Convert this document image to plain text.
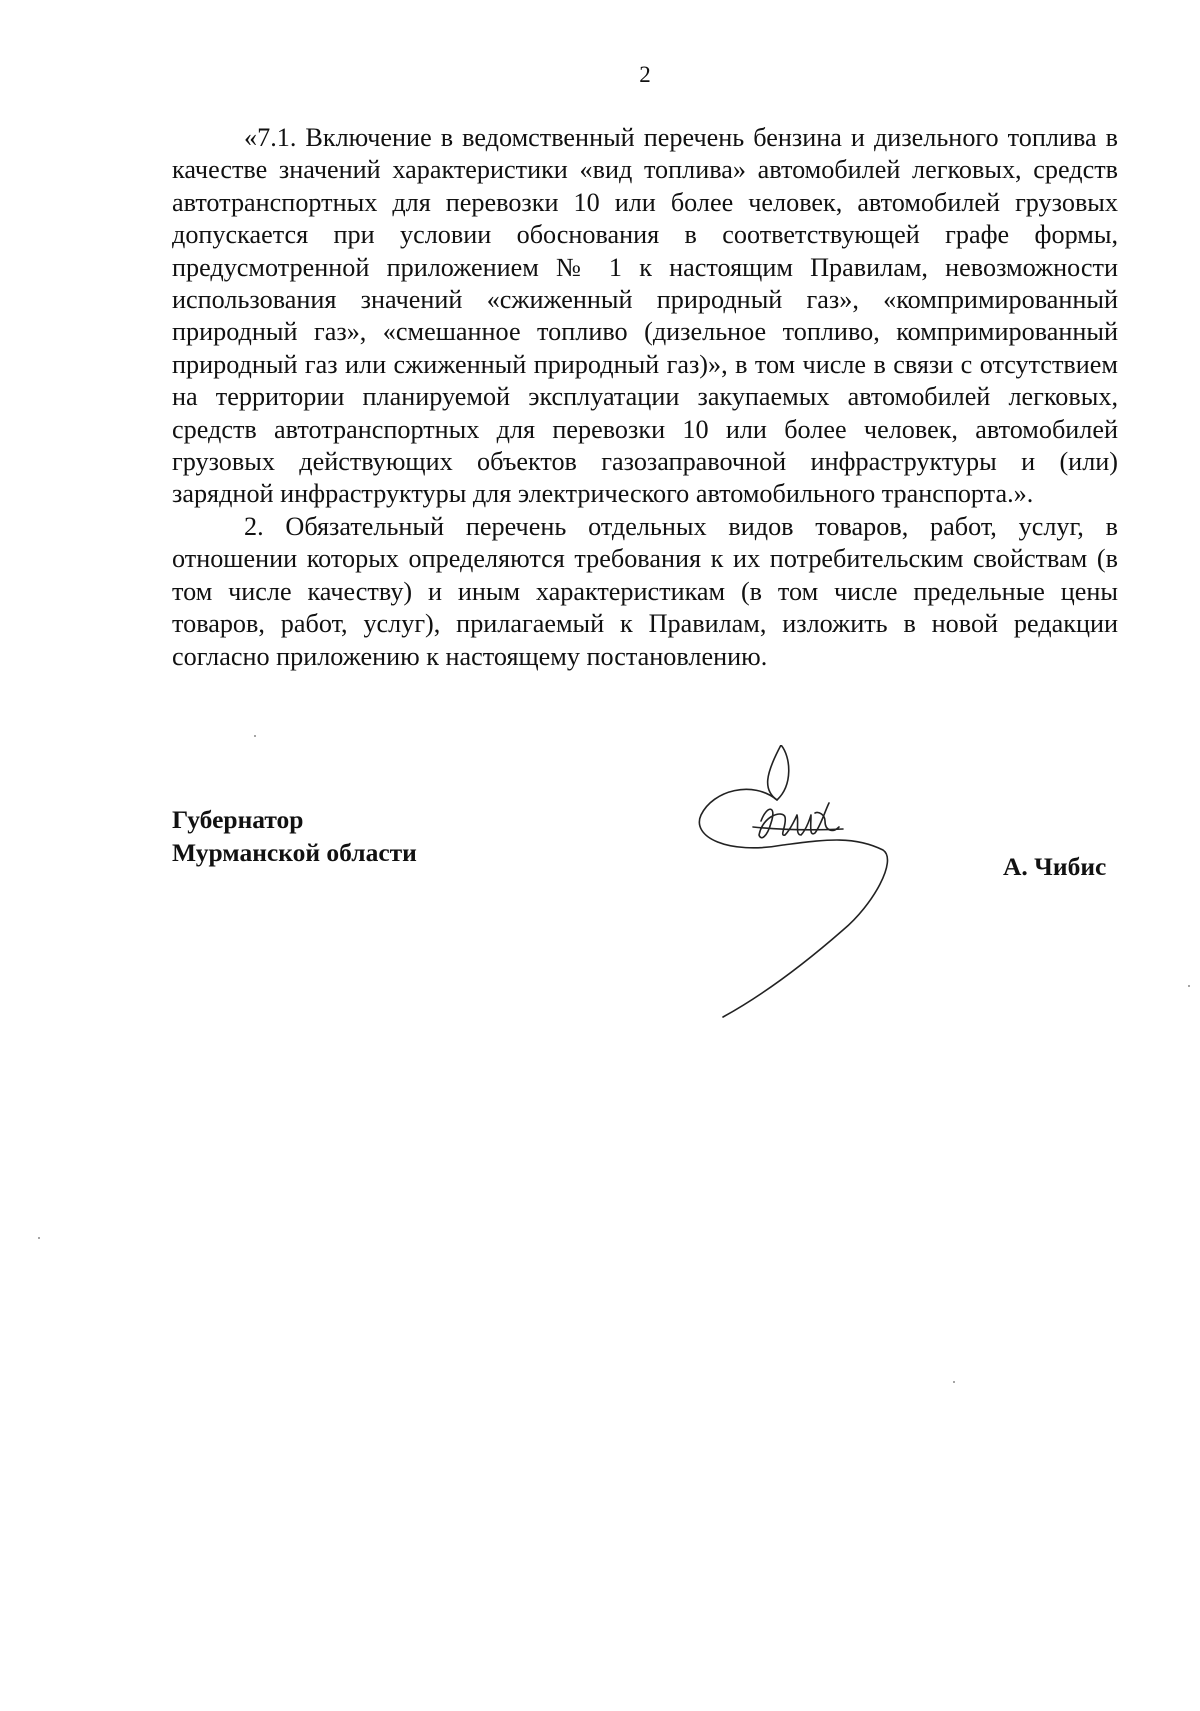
2

«7.1. Включение в ведомственный перечень бензина и дизельного топлива в качестве значений характеристики «вид топлива» автомобилей легковых, средств автотранспортных для перевозки 10 или более человек, автомобилей грузовых допускается при условии обоснования в соответствующей графе формы, предусмотренной приложением № 1 к настоящим Правилам, невозможности использования значений «сжиженный природный газ», «компримированный природный газ», «смешанное топливо (дизельное топливо, компримированный природный газ или сжиженный природный газ)», в том числе в связи с отсутствием на территории планируемой эксплуатации закупаемых автомобилей легковых, средств автотранспортных для перевозки 10 или более человек, автомобилей грузовых действующих объектов газозаправочной инфраструктуры и (или) зарядной инфраструктуры для электрического автомобильного транспорта.».

2. Обязательный перечень отдельных видов товаров, работ, услуг, в отношении которых определяются требования к их потребительским свойствам (в том числе качеству) и иным характеристикам (в том числе предельные цены товаров, работ, услуг), прилагаемый к Правилам, изложить в новой редакции согласно приложению к настоящему постановлению.

Губернатор
Мурманской области	А. Чибис
